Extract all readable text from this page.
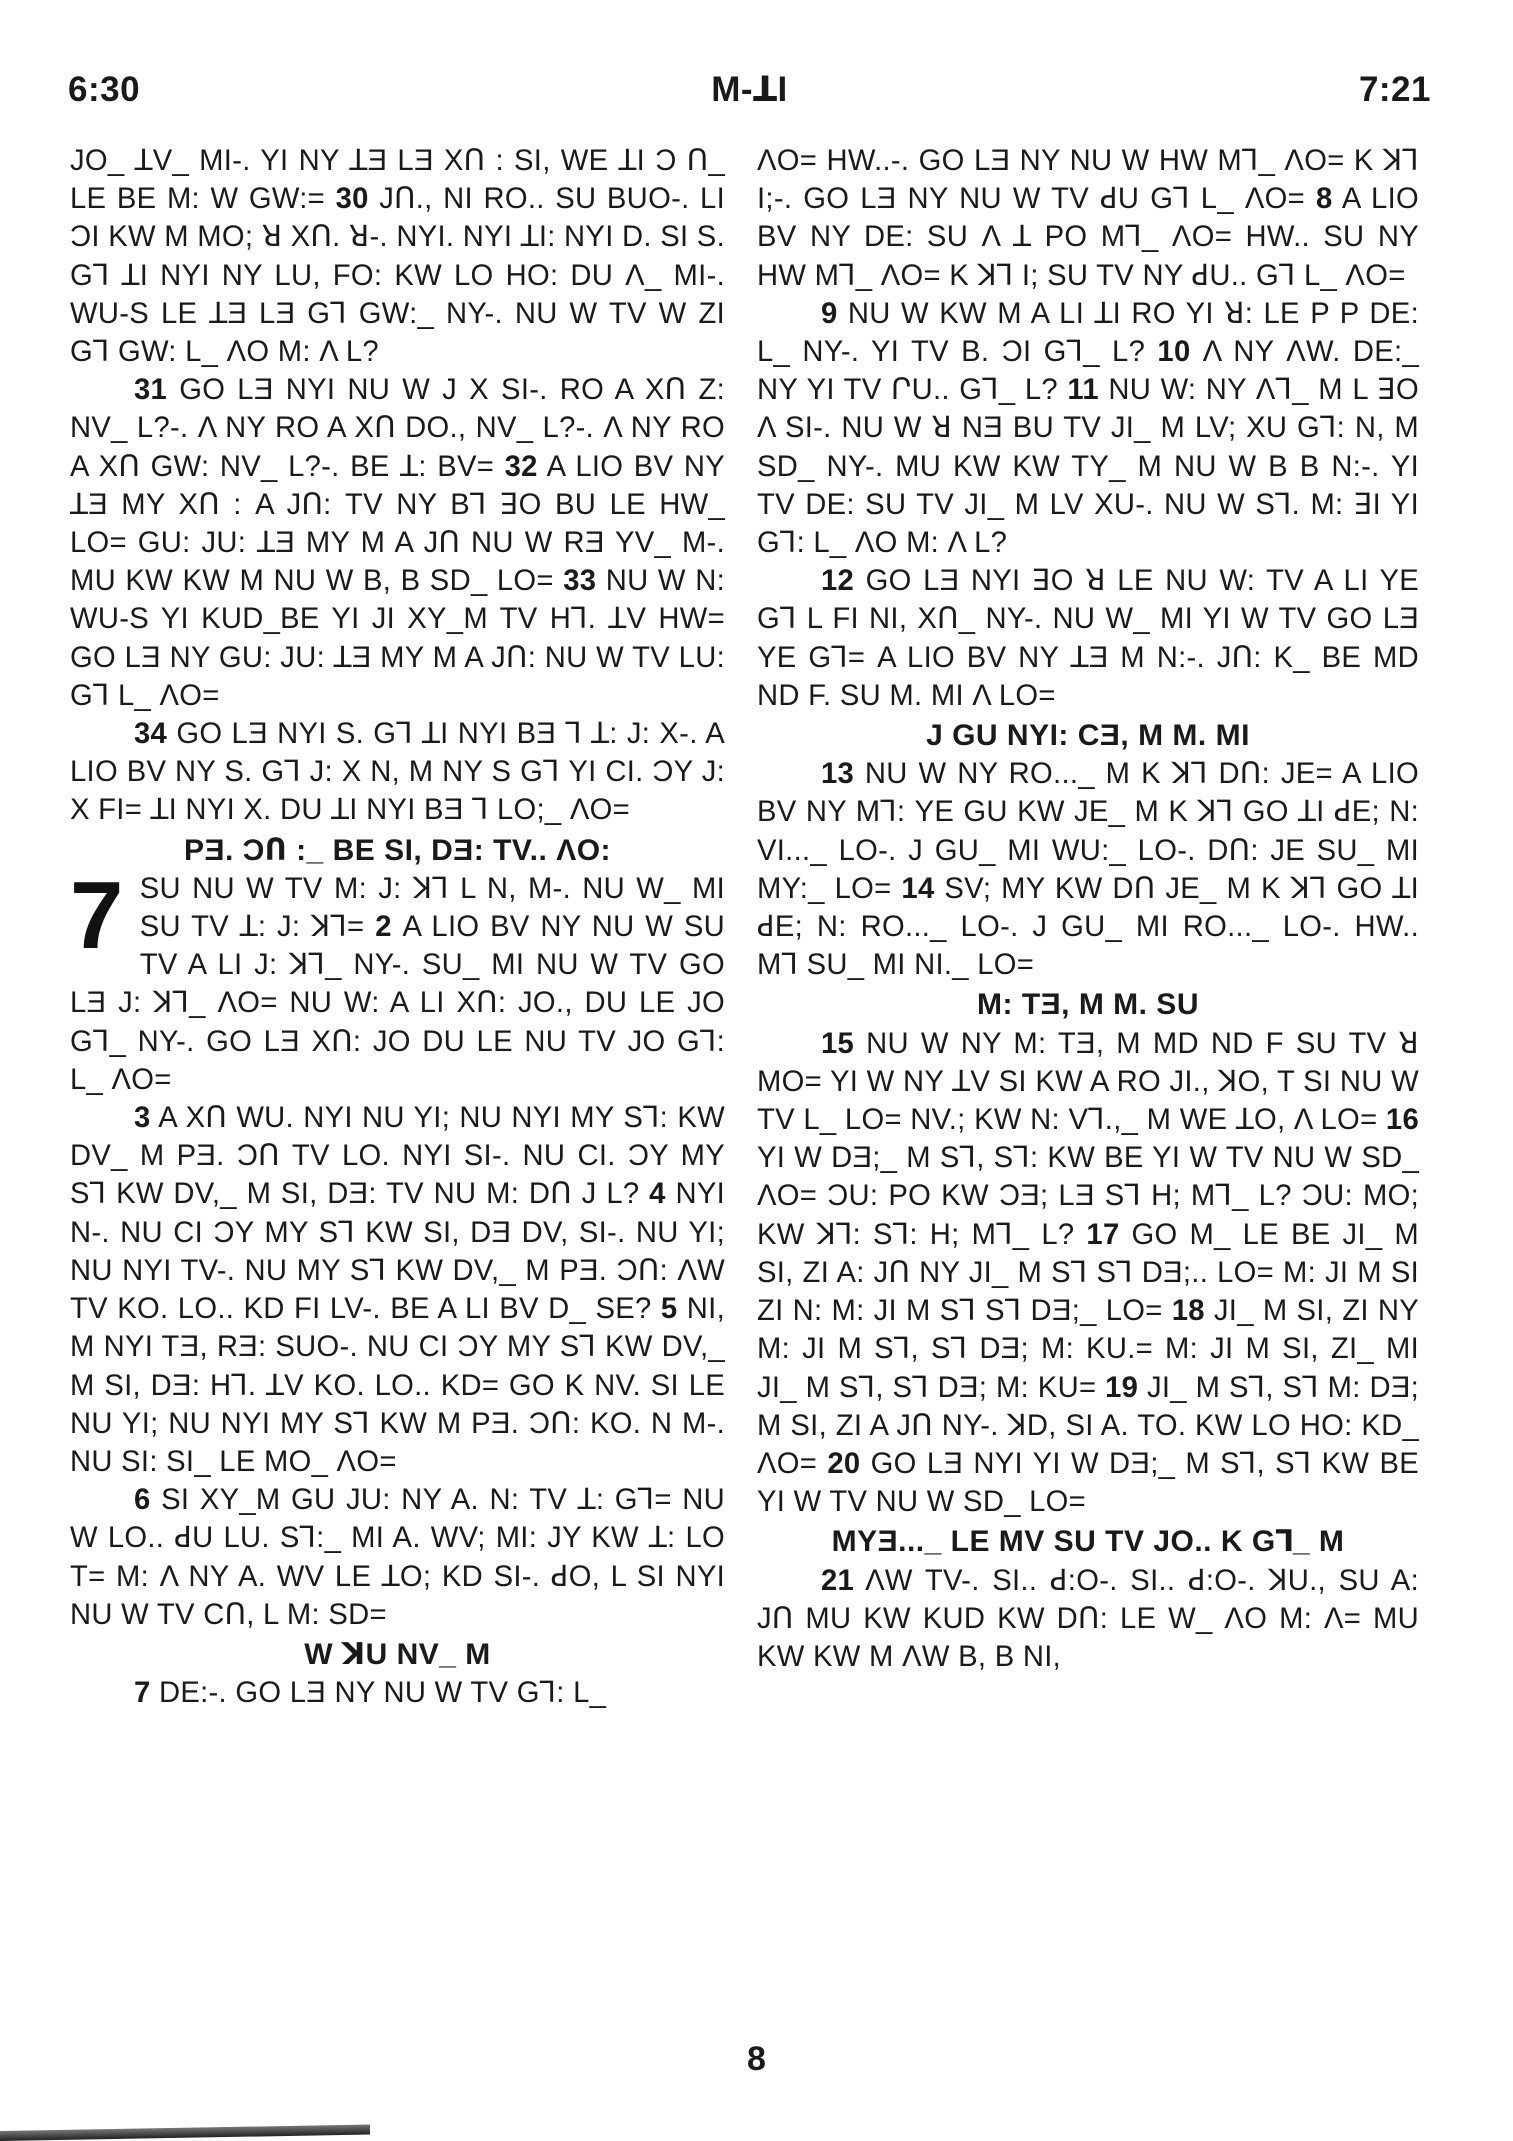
6:30	M-ꓕI	7:21

JO_ ꓕV_ MI-. YI NY ꓕƎ LƎ XՈ : SI, WE ꓕI Ɔ Ո_ LE BE M: W GW:= 30 JՈ., NI RO.. SU BUO-. LI ƆI KW M MO; ꓤ XՈ. ꓤ-. NYI. NYI ꓕI: NYI D. SI S. Gꓶ ꓕI NYI NY LU, FO: KW LO HO: DU Λ_ MI-. WU-S LE ꓕƎ LƎ Gꓶ GW:_ NY-. NU W TV W ZI Gꓶ GW: L_ ΛO M: Λ L?

31 GO LƎ NYI NU W J X SI-. RO A XՈ Z: NV_ L?-. Λ NY RO A XՈ DO., NV_ L?-. Λ NY RO A XՈ GW: NV_ L?-. BE ꓕ: BV= 32 A LIO BV NY ꓕƎ MY XՈ : A JՈ: TV NY Bꓶ ꓱO BU LE HW_ LO= GU: JU: ꓕƎ MY M A JՈ NU W RƎ YV_ M-. MU KW KW M NU W B, B SD_ LO= 33 NU W N: WU-S YI KUD_BE YI JI XY_M TV Hꓶ. ꓕV HW= GO LƎ NY GU: JU: ꓕƎ MY M A JՈ: NU W TV LU: Gꓶ L_ ΛO=

34 GO LƎ NYI S. Gꓶ ꓕI NYI BƎ ꓶ ꓕ: J: X-. A LIO BV NY S. Gꓶ J: X N, M NY S Gꓶ YI CI. ƆY J: X FI= ꓕI NYI X. DU ꓕI NYI BƎ ꓶ LO;_ ΛO=

PƎ. ƆՈ :_ BE SI, DƎ: TV.. ΛO:

7 SU NU W TV M: J: ꓘꓶ L N, M-. NU W_ MI SU TV ꓕ: J: ꓘꓶ= 2 A LIO BV NY NU W SU TV A LI J: ꓘꓶ_ NY-. SU_ MI NU W TV GO LƎ J: ꓘꓶ_ ΛO= NU W: A LI XՈ: JO., DU LE JO Gꓶ_ NY-. GO LƎ XՈ: JO DU LE NU TV JO Gꓶ: L_ ΛO=

3 A XՈ WU. NYI NU YI; NU NYI MY Sꓶ: KW DV_ M PƎ. ƆՈ TV LO. NYI SI-. NU CI. ƆY MY Sꓶ KW DV,_ M SI, DƎ: TV NU M: DՈ J L? 4 NYI N-. NU CI ƆY MY Sꓶ KW SI, DƎ DV, SI-. NU YI; NU NYI TV-. NU MY Sꓶ KW DV,_ M PƎ. ƆՈ: ΛW TV KO. LO.. KD FI LV-. BE A LI BV D_ SE? 5 NI, M NYI TƎ, RƎ: SUO-. NU CI ƆY MY Sꓶ KW DV,_ M SI, DƎ: Hꓶ. ꓕV KO. LO.. KD= GO K NV. SI LE NU YI; NU NYI MY Sꓶ KW M PƎ. ƆՈ: KO. N M-. NU SI: SI_ LE MO_ ΛO=

6 SI XY_M GU JU: NY A. N: TV ꓕ: Gꓶ= NU W LO.. ꓒU LU. Sꓶ:_ MI A. WV; MI: JY KW ꓕ: LO T= M: Λ NY A. WV LE ꓕO; KD SI-. ꓒO, L SI NYI NU W TV CՈ, L M: SD=

W ꓘU NV_ M

7 DE:-. GO LƎ NY NU W TV Gꓶ: L_

ΛO= HW..-. GO LƎ NY NU W HW Mꓶ_ ΛO= K ꓘꓶ I;-. GO LƎ NY NU W TV ꓒU Gꓶ L_ ΛO= 8 A LIO BV NY DE: SU Λ ꓕ PO Mꓶ_ ΛO= HW.. SU NY HW Mꓶ_ ΛO= K ꓘꓶ I; SU TV NY ꓒU.. Gꓶ L_ ΛO=

9 NU W KW M A LI ꓕI RO YI ꓤ: LE P P DE: L_ NY-. YI TV B. ƆI Gꓶ_ L? 10 Λ NY ΛW. DE:_ NY YI TV ՐU.. Gꓶ_ L? 11 NU W: NY Λꓶ_ M L ꓱO Λ SI-. NU W ꓤ NƎ BU TV JI_ M LV; XU Gꓶ: N, M SD_ NY-. MU KW KW TY_ M NU W B B N:-. YI TV DE: SU TV JI_ M LV XU-. NU W Sꓶ. M: ꓱI YI Gꓶ: L_ ΛO M: Λ L?

12 GO LƎ NYI ꓱO ꓤ LE NU W: TV A LI YE Gꓶ L FI NI, XՈ_ NY-. NU W_ MI YI W TV GO LƎ YE Gꓶ= A LIO BV NY ꓕƎ M N:-. JՈ: K_ BE MD ND F. SU M. MI Λ LO=

J GU NYI: CƎ, M M. MI

13 NU W NY RO..._ M K ꓘꓶ DՈ: JE= A LIO BV NY Mꓶ: YE GU KW JE_ M K ꓘꓶ GO ꓕI ꓒE; N: VI..._ LO-. J GU_ MI WU:_ LO-. DՈ: JE SU_ MI MY:_ LO= 14 SV; MY KW DՈ JE_ M K ꓘꓶ GO ꓕI ꓒE; N: RO..._ LO-. J GU_ MI RO..._ LO-. HW.. Mꓶ SU_ MI NI._ LO=

M: TƎ, M M. SU

15 NU W NY M: TƎ, M MD ND F SU TV ꓤ MO= YI W NY ꓕV SI KW A RO JI., ꓘO, T SI NU W TV L_ LO= NV.; KW N: Vꓶ.,_ M WE ꓕO, Λ LO= 16 YI W DƎ;_ M Sꓶ, Sꓶ: KW BE YI W TV NU W SD_ ΛO= ƆU: PO KW ƆƎ; LƎ Sꓶ H; Mꓶ_ L? ƆU: MO; KW ꓘꓶ: Sꓶ: H; Mꓶ_ L? 17 GO M_ LE BE JI_ M SI, ZI A: JՈ NY JI_ M Sꓶ Sꓶ DƎ;.. LO= M: JI M SI ZI N: M: JI M Sꓶ Sꓶ DƎ;_ LO= 18 JI_ M SI, ZI NY M: JI M Sꓶ, Sꓶ DƎ; M: KU.= M: JI M SI, ZI_ MI JI_ M Sꓶ, Sꓶ DƎ; M: KU= 19 JI_ M Sꓶ, Sꓶ M: DƎ; M SI, ZI A JՈ NY-. ꓘD, SI A. TO. KW LO HO: KD_ ΛO= 20 GO LƎ NYI YI W DƎ;_ M Sꓶ, Sꓶ KW BE YI W TV NU W SD_ LO=

MYƎ..._ LE MV SU TV JO.. K Gꓶ_ M

21 ΛW TV-. SI.. ꓒ:O-. SI.. ꓒ:O-. ꓘU., SU A: JՈ MU KW KUD KW DՈ: LE W_ ΛO M: Λ= MU KW KW M ΛW B, B NI,

8
